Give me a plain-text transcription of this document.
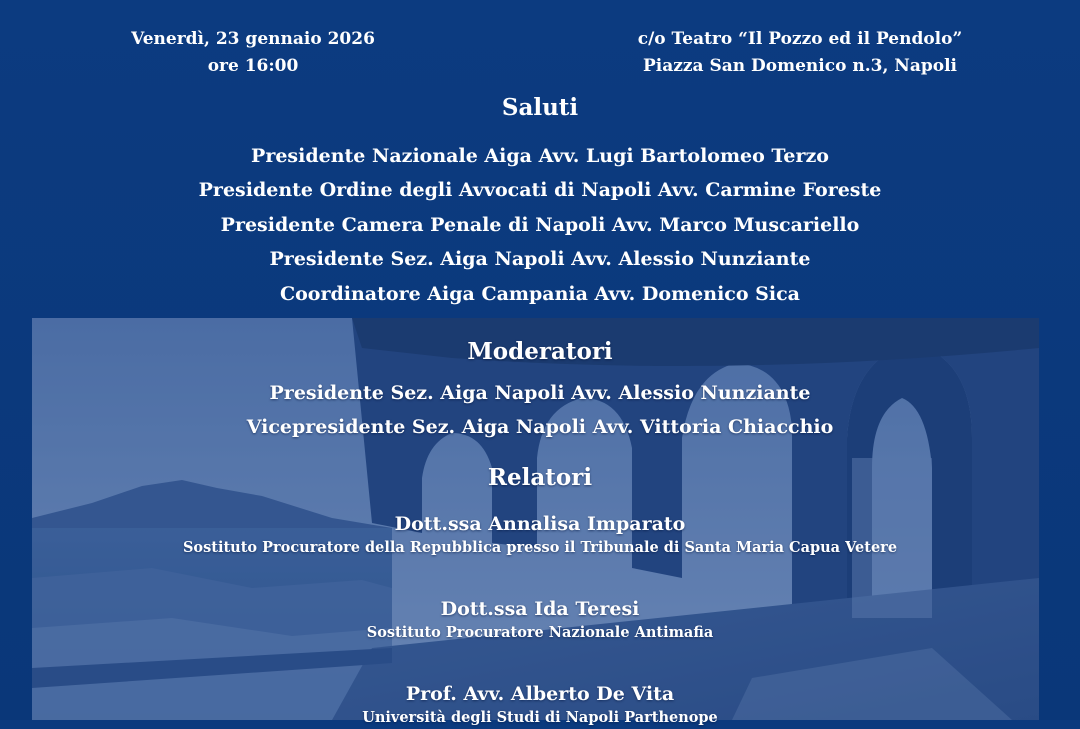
Venerdì, 23 gennaio 2026
ore 16:00
c/o Teatro “Il Pozzo ed il Pendolo”
Piazza San Domenico n.3, Napoli
Saluti
Presidente Nazionale Aiga Avv. Lugi Bartolomeo Terzo
Presidente Ordine degli Avvocati di Napoli Avv. Carmine Foreste
Presidente Camera Penale di Napoli Avv. Marco Muscariello
Presidente Sez. Aiga Napoli Avv. Alessio Nunziante
Coordinatore Aiga Campania Avv. Domenico Sica
Moderatori
Presidente Sez. Aiga Napoli Avv. Alessio Nunziante
Vicepresidente Sez. Aiga Napoli Avv. Vittoria Chiacchio
Relatori
Dott.ssa Annalisa Imparato
Sostituto Procuratore della Repubblica presso il Tribunale di Santa Maria Capua Vetere
Dott.ssa Ida Teresi
Sostituto Procuratore Nazionale Antimafia
Prof. Avv. Alberto De Vita
Università degli Studi di Napoli Parthenope
